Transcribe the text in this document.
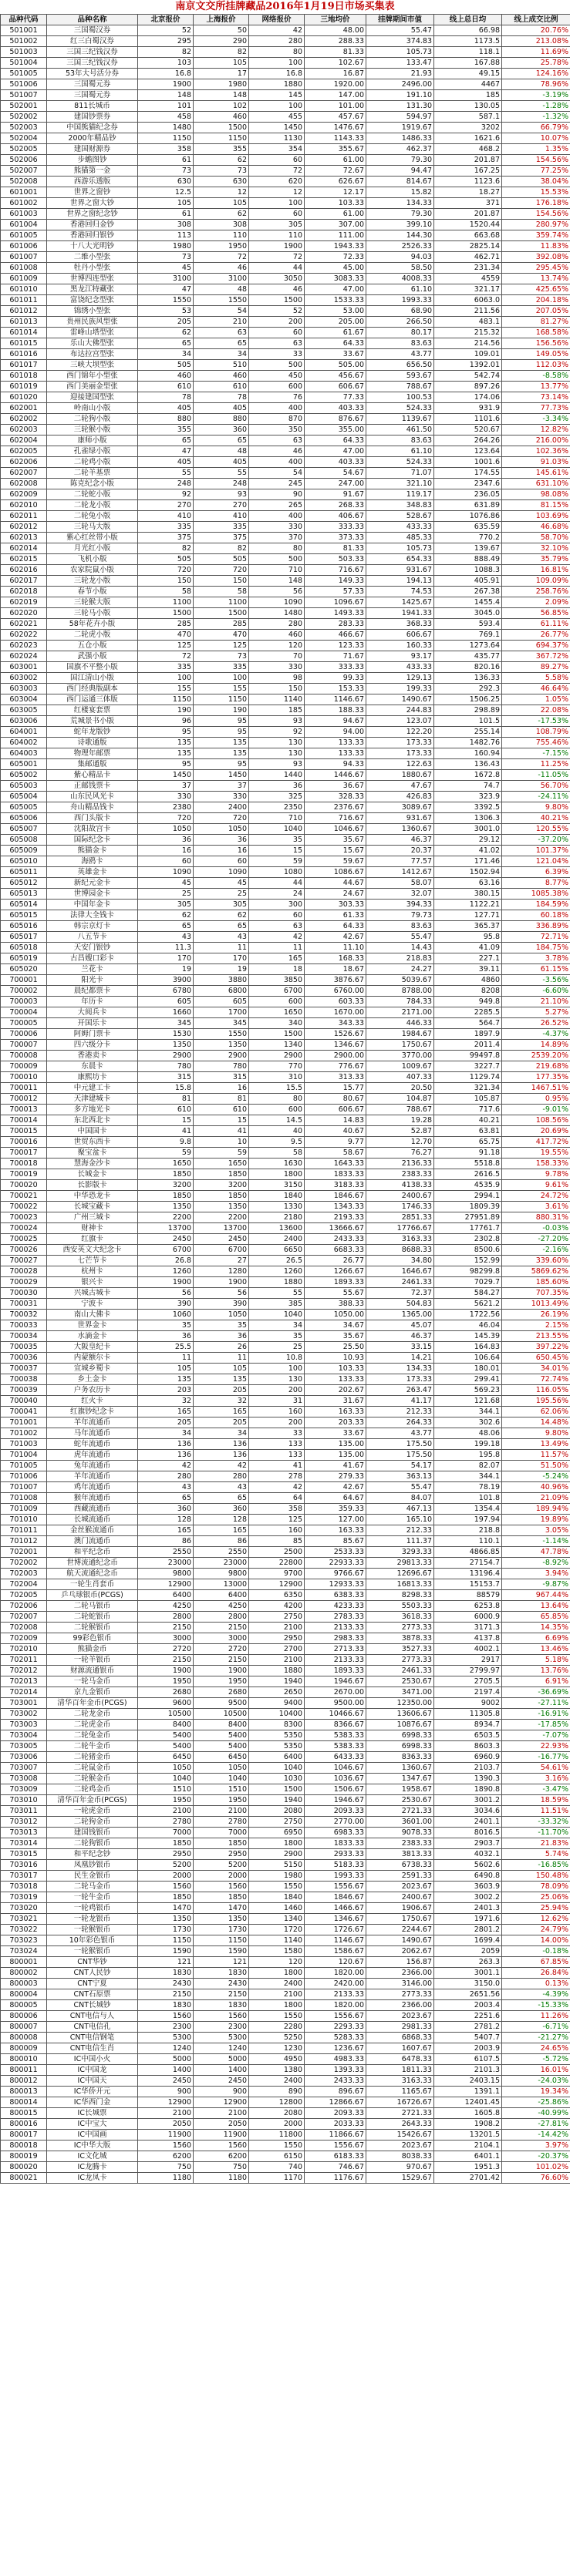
南京文交所挂牌藏品2016年1月19日市场买集表
品种代码	品种名称	北京报价	上海报价	网络报价	三地均价	挂牌期间市值	线上总日均	线上成交比例
501001	三国蜀汉券	52	50	42	48.00	55.47	66.98	20.76%
501002	红三白蜀汉券	295	290	280	288.33	374.83	1173.5	213.08%
501003	三国三纪钱汉券	82	82	80	81.33	105.73	118.1	11.69%
501004	三国三纪钱汉券	103	105	100	102.67	133.47	167.88	25.78%
501005	53年大号活分券	16.8	17	16.8	16.87	21.93	49.15	124.16%
501006	三国蜀元券	1900	1980	1880	1920.00	2496.00	4467	78.96%
501007	三国蜀元券	148	148	145	147.00	191.10	185	-3.19%
502001	811长城币	101	102	100	101.00	131.30	130.05	-1.28%
502002	建国钞票券	458	460	455	457.67	594.97	587.1	-1.32%
502003	中国熊猫纪念券	1480	1500	1450	1476.67	1919.67	3202	66.79%
502004	2000年精品钞	1150	1150	1130	1143.33	1486.33	1621.6	10.07%
502005	建国财源券	358	355	354	355.67	462.37	468.2	1.35%
502006	步蟾图钞	61	62	60	61.00	79.30	201.87	154.56%
502007	熊猫第一金	73	73	72	72.67	94.47	167.25	77.25%
502008	西游乐透版	630	630	620	626.67	814.67	1123.6	38.04%
601001	世界之窗钞	12.5	12	12	12.17	15.82	18.27	15.53%
601002	世界之窗大钞	105	105	100	103.33	134.33	371	176.18%
601003	世界之窗纪念钞	61	62	60	61.00	79.30	201.87	154.56%
601004	香港回归金钞	308	308	305	307.00	399.10	1520.44	280.97%
601005	香港回归银钞	113	110	110	111.00	144.30	663.68	359.74%
601006	十八大光明钞	1980	1950	1900	1943.33	2526.33	2825.14	11.83%
601007	二维小型张	73	72	72	72.33	94.03	462.71	392.08%
601008	牡丹小型张	45	46	44	45.00	58.50	231.34	295.45%
601009	世博四连型张	3100	3100	3050	3083.33	4008.33	4559	13.74%
601010	黑龙江特藏张	47	48	46	47.00	61.10	321.17	425.65%
601011	富饶纪念型张	1550	1550	1500	1533.33	1993.33	6063.0	204.18%
601012	锦绣小型张	53	54	52	53.00	68.90	211.56	207.05%
601013	贵州民族风型张	205	210	200	205.00	266.50	483.1	81.27%
601014	雷峰山塔型张	62	63	60	61.67	80.17	215.32	168.58%
601015	乐山大佛型张	65	65	63	64.33	83.63	214.56	156.56%
601016	布达拉宫型张	34	34	33	33.67	43.77	109.01	149.05%
601017	三峡大坝型张	505	510	500	505.00	656.50	1392.01	112.03%
601018	西门锦年小型张	460	460	450	456.67	593.67	542.74	-8.58%
601019	西门美丽金型张	610	610	600	606.67	788.67	897.26	13.77%
601020	迎接建国型张	78	78	76	77.33	100.53	174.06	73.14%
602001	岭南山小版	405	405	400	403.33	524.33	931.9	77.73%
602002	二轮狗小版	880	880	870	876.67	1139.67	1101.6	-3.34%
602003	三轮猴小版	355	360	350	355.00	461.50	520.67	12.82%
602004	康师小版	65	65	63	64.33	83.63	264.26	216.00%
602005	孔雀绿小版	47	48	46	47.00	61.10	123.64	102.36%
602006	二轮鸡小版	405	405	400	403.33	524.33	1001.6	91.03%
602007	二轮羊基票	55	55	54	54.67	71.07	174.55	145.61%
602008	陈克纪念小版	248	248	245	247.00	321.10	2347.6	631.10%
602009	二轮蛇小版	92	93	90	91.67	119.17	236.05	98.08%
602010	二轮龙小版	270	270	265	268.33	348.83	631.89	81.15%
602011	二轮兔小版	410	410	400	406.67	528.67	1076.86	103.69%
602012	三轮马大版	335	335	330	333.33	433.33	635.59	46.68%
602013	紫心红丝带小版	375	375	370	373.33	485.33	770.2	58.70%
602014	月光红小版	82	82	80	81.33	105.73	139.67	32.10%
602015	飞机小版	505	505	500	503.33	654.33	888.49	35.79%
602016	农家院鼠小版	720	720	710	716.67	931.67	1088.3	16.81%
602017	三轮龙小版	150	150	148	149.33	194.13	405.91	109.09%
602018	春节小版	58	58	56	57.33	74.53	267.38	258.76%
602019	三轮猴大版	1100	1100	1090	1096.67	1425.67	1455.4	2.09%
602020	三轮马小版	1500	1500	1480	1493.33	1941.33	3045.0	56.85%
602021	58年花卉小版	285	285	280	283.33	368.33	593.4	61.11%
602022	二轮虎小版	470	470	460	466.67	606.67	769.1	26.77%
602023	五仓小版	125	125	120	123.33	160.33	1273.64	694.37%
602024	武强小版	72	73	70	71.67	93.17	435.77	367.72%
603001	国旗不平整小版	335	335	330	333.33	433.33	820.16	89.27%
603002	国江清山小版	100	100	98	99.33	129.13	136.33	5.58%
603003	西门经典版副本	155	155	150	153.33	199.33	292.3	46.64%
603004	西门运通三体版	1150	1150	1140	1146.67	1490.67	1506.25	1.05%
603005	红楼宴套票	190	190	185	188.33	244.83	298.89	22.08%
603006	荒城景书小版	96	95	93	94.67	123.07	101.5	-17.53%
604001	蛇年龙版钞	95	95	92	94.00	122.20	255.14	108.79%
604002	诗歌通版	135	135	130	133.33	173.33	1482.76	755.46%
604003	物理年邮票	135	135	130	133.33	173.33	160.94	-7.15%
605001	集邮通版	95	95	93	94.33	122.63	136.43	11.25%
605002	紫心精品卡	1450	1450	1440	1446.67	1880.67	1672.8	-11.05%
605003	正邮钱票卡	37	37	36	36.67	47.67	74.7	56.70%
605004	山东民风光卡	330	330	325	328.33	426.83	323.9	-24.11%
605005	舟山精品钱卡	2380	2400	2350	2376.67	3089.67	3392.5	9.80%
605006	西门头版卡	720	720	710	716.67	931.67	1306.3	40.21%
605007	沈阳故宫卡	1050	1050	1040	1046.67	1360.67	3001.0	120.55%
605008	国际纪念卡	36	36	35	35.67	46.37	29.12	-37.20%
605009	熊猫金卡	16	16	15	15.67	20.37	41.02	101.37%
605010	海鸥卡	60	60	59	59.67	77.57	171.46	121.04%
605011	英雄金卡	1090	1090	1080	1086.67	1412.67	1502.94	6.39%
605012	新纪元金卡	45	45	44	44.67	58.07	63.16	8.77%
605013	世博园金卡	25	25	24	24.67	32.07	380.15	1085.38%
605014	中国年金卡	305	305	300	303.33	394.33	1122.21	184.59%
605015	法律大全钱卡	62	62	60	61.33	79.73	127.71	60.18%
605016	韩宗京灯卡	65	65	63	64.33	83.63	365.37	336.89%
605017	八五节卡	43	43	42	42.67	55.47	95.8	72.71%
605018	天安门银钞	11.3	11	11	11.10	14.43	41.09	184.75%
605019	古昌嫂口彩卡	170	170	165	168.33	218.83	227.1	3.78%
605020	兰花卡	19	19	18	18.67	24.27	39.11	61.15%
700001	阳光卡	3900	3880	3850	3876.67	5039.67	4860	-3.56%
700002	晨纪都票卡	6780	6800	6700	6760.00	8788.00	8208	-6.60%
700003	年历卡	605	605	600	603.33	784.33	949.8	21.10%
700004	大阅兵卡	1660	1700	1650	1670.00	2171.00	2285.5	5.27%
700005	开国乐卡	345	345	340	343.33	446.33	564.7	26.52%
700006	阿姆门票卡	1530	1550	1500	1526.67	1984.67	1897.9	-4.37%
700007	四六级分卡	1350	1350	1340	1346.67	1750.67	2011.4	14.89%
700008	香港卖卡	2900	2900	2900	2900.00	3770.00	99497.8	2539.20%
700009	东晨卡	780	780	770	776.67	1009.67	3227.7	219.68%
700010	康熙坊卡	315	315	310	313.33	407.33	1129.74	177.35%
700011	中元建工卡	15.8	16	15.5	15.77	20.50	321.34	1467.51%
700012	天津建城卡	81	81	80	80.67	104.87	105.87	0.95%
700013	多方地光卡	610	610	600	606.67	788.67	717.6	-9.01%
700014	东北西北卡	15	15	14.5	14.83	19.28	40.21	108.56%
700015	中国国卡	41	41	40	40.67	52.87	63.81	20.69%
700016	世贸东西卡	9.8	10	9.5	9.77	12.70	65.75	417.72%
700017	聚宝盆卡	59	59	58	58.67	76.27	91.18	19.55%
700018	慧海金沙卡	1650	1650	1630	1643.33	2136.33	5518.8	158.33%
700019	长城金卡	1850	1850	1800	1833.33	2383.33	2616.5	9.78%
700020	长影版卡	3200	3200	3150	3183.33	4138.33	4535.9	9.61%
700021	中华恐龙卡	1850	1850	1840	1846.67	2400.67	2994.1	24.72%
700022	长城宝藏卡	1350	1350	1330	1343.33	1746.33	1809.39	3.61%
700023	广州三城卡	2200	2200	2180	2193.33	2851.33	27951.89	880.31%
700024	财神卡	13700	13700	13600	13666.67	17766.67	17761.7	-0.03%
700025	红旗卡	2450	2450	2400	2433.33	3163.33	2302.8	-27.20%
700026	西安英文大纪念卡	6700	6700	6650	6683.33	8688.33	8500.6	-2.16%
700027	七芒节卡	26.8	27	26.5	26.77	34.80	152.99	339.60%
700028	杭州卡	1260	1280	1260	1266.67	1646.67	98299.8	5869.62%
700029	银兴卡	1900	1900	1880	1893.33	2461.33	7029.7	185.60%
700030	兴城古城卡	56	56	55	55.67	72.37	584.27	707.35%
700031	宁波卡	390	390	385	388.33	504.83	5621.2	1013.49%
700032	南山大佛卡	1060	1050	1040	1050.00	1365.00	1722.56	26.19%
700033	世界金卡	35	35	34	34.67	45.07	46.04	2.15%
700034	水滴金卡	36	36	35	35.67	46.37	145.39	213.55%
700035	大阪皇纪卡	25.5	26	25	25.50	33.15	164.83	397.22%
700036	内蒙额尔卡	11	11	10.8	10.93	14.21	106.64	650.45%
700037	宣城乡蜀卡	105	105	100	103.33	134.33	180.01	34.01%
700038	乡土金卡	135	135	130	133.33	173.33	299.41	72.74%
700039	户务农历卡	203	205	200	202.67	263.47	569.23	116.05%
700040	红火卡	32	32	31	31.67	41.17	121.68	195.56%
700041	红旗钞纪念卡	165	165	160	163.33	212.33	344.1	62.06%
701001	羊年流通币	205	205	200	203.33	264.33	302.6	14.48%
701002	马年流通币	34	34	33	33.67	43.77	48.06	9.80%
701003	蛇年流通币	136	136	133	135.00	175.50	199.18	13.49%
701004	虎年流通币	136	136	133	135.00	175.50	195.8	11.57%
701005	兔年流通币	42	42	41	41.67	54.17	82.07	51.50%
701006	羊年流通币	280	280	278	279.33	363.13	344.1	-5.24%
701007	鸡年流通币	43	43	42	42.67	55.47	78.19	40.96%
701008	猴年流通币	65	65	64	64.67	84.07	101.8	21.09%
701009	西藏流通币	360	360	358	359.33	467.13	1354.4	189.94%
701010	长城流通币	128	128	125	127.00	165.10	197.94	19.89%
701011	金丝猴流通币	165	165	160	163.33	212.33	218.8	3.05%
701012	澳门流通币	86	86	85	85.67	111.37	110.1	-1.14%
702001	和平纪念币	2550	2550	2500	2533.33	3293.33	4866.85	47.78%
702002	世博流通纪念币	23000	23000	22800	22933.33	29813.33	27154.7	-8.92%
702003	航天流通纪念币	9800	9800	9700	9766.67	12696.67	13196.4	3.94%
702004	一轮生肖套币	12900	13000	12900	12933.33	16813.33	15153.7	-9.87%
702005	乒乓球银币(PCGS)	6400	6400	6350	6383.33	8298.33	88579	967.44%
702006	二轮马银币	4250	4250	4200	4233.33	5503.33	6253.8	13.64%
702007	二轮蛇银币	2800	2800	2750	2783.33	3618.33	6000.9	65.85%
702008	二轮猴银币	2150	2150	2100	2133.33	2773.33	3171.3	14.35%
702009	99彩色银币	3000	3000	2950	2983.33	3878.33	4137.8	6.69%
702010	熊猫金币	2720	2720	2700	2713.33	3527.33	4002.1	13.46%
702011	一轮羊银币	2150	2150	2100	2133.33	2773.33	2917	5.18%
702012	财源流通银币	1900	1900	1880	1893.33	2461.33	2799.97	13.76%
702013	一轮马金币	1950	1950	1940	1946.67	2530.67	2705.5	6.91%
702014	京九金银币	2680	2680	2650	2670.00	3471.00	2197.4	-36.69%
703001	清华百年金币(PCGS)	9600	9500	9400	9500.00	12350.00	9002	-27.11%
703002	二轮龙金币	10500	10500	10400	10466.67	13606.67	11305.8	-16.91%
703003	二轮虎金币	8400	8400	8300	8366.67	10876.67	8934.7	-17.85%
703004	二轮兔金币	5400	5400	5350	5383.33	6998.33	6503.5	-7.07%
703005	二轮牛金币	5400	5400	5350	5383.33	6998.33	8603.3	22.93%
703006	二轮猪金币	6450	6450	6400	6433.33	8363.33	6960.9	-16.77%
703007	二轮鼠金币	1050	1050	1040	1046.67	1360.67	2103.7	54.61%
703008	二轮猴金币	1040	1040	1030	1036.67	1347.67	1390.3	3.16%
703009	二轮鸡金币	1510	1510	1500	1506.67	1958.67	1890.8	-3.47%
703010	清华百年金币(PCGS)	1950	1950	1940	1946.67	2530.67	3001.2	18.59%
703011	一轮虎金币	2100	2100	2080	2093.33	2721.33	3034.6	11.51%
703012	二轮狗金币	2780	2780	2750	2770.00	3601.00	2401.1	-33.32%
703013	建国钱银币	7000	7000	6950	6983.33	9078.33	8016.5	-11.70%
703014	二轮狗银币	1850	1850	1800	1833.33	2383.33	2903.7	21.83%
703015	和平纪念钞	2950	2950	2900	2933.33	3813.33	4032.1	5.74%
703016	凤凰钞银币	5200	5200	5150	5183.33	6738.33	5602.6	-16.85%
703017	民生金银币	2000	2000	1980	1993.33	2591.33	6490.8	150.48%
703018	二轮马金币	1560	1560	1550	1556.67	2023.67	3603.9	78.09%
703019	一轮牛金币	1850	1850	1840	1846.67	2400.67	3002.2	25.06%
703020	一轮鸡银币	1470	1470	1460	1466.67	1906.67	2401.3	25.94%
703021	一轮龙银币	1350	1350	1340	1346.67	1750.67	1971.6	12.62%
703022	一轮猴银币	1730	1730	1720	1726.67	2244.67	2801.2	24.79%
703023	10年彩色银币	1150	1150	1140	1146.67	1490.67	1699.4	14.00%
703024	一轮猴银币	1590	1590	1580	1586.67	2062.67	2059	-0.18%
800001	CNT华钞	121	121	120	120.67	156.87	263.3	67.85%
800002	CNT人民钞	1830	1830	1800	1820.00	2366.00	3001.1	26.84%
800003	CNT宁夏	2430	2430	2400	2420.00	3146.00	3150.0	0.13%
800004	CNT石原票	2150	2150	2100	2133.33	2773.33	2651.56	-4.39%
800005	CNT长城钞	1830	1830	1800	1820.00	2366.00	2003.4	-15.33%
800006	CNT电信与人	1560	1560	1550	1556.67	2023.67	2251.6	11.26%
800007	CNT电信孔	2300	2300	2280	2293.33	2981.33	2781.2	-6.71%
800008	CNT电信钢笔	5300	5300	5250	5283.33	6868.33	5407.7	-21.27%
800009	CNT电信生肖	1240	1240	1230	1236.67	1607.67	2003.9	24.65%
800010	IC中国小火	5000	5000	4950	4983.33	6478.33	6107.5	-5.72%
800011	IC中国龙	1400	1400	1380	1393.33	1811.33	2101.3	16.01%
800012	IC中国天	2450	2450	2400	2433.33	3163.33	2403.15	-24.03%
800013	IC华侨开元	900	900	890	896.67	1165.67	1391.1	19.34%
800014	IC华西门金	12900	12900	12800	12866.67	16726.67	12401.45	-25.86%
800015	IC长城票	2100	2100	2080	2093.33	2721.33	1605.8	-40.99%
800016	IC中宝大	2050	2050	2000	2033.33	2643.33	1908.2	-27.81%
800017	IC中国画	11900	11900	11800	11866.67	15426.67	13201.5	-14.42%
800018	IC中华大版	1560	1560	1550	1556.67	2023.67	2104.1	3.97%
800019	IC文化城	6200	6200	6150	6183.33	8038.33	6401.1	-20.37%
800020	IC龙腾卡	750	750	740	746.67	970.67	1951.3	101.02%
800021	IC龙凤卡	1180	1180	1170	1176.67	1529.67	2701.42	76.60%
